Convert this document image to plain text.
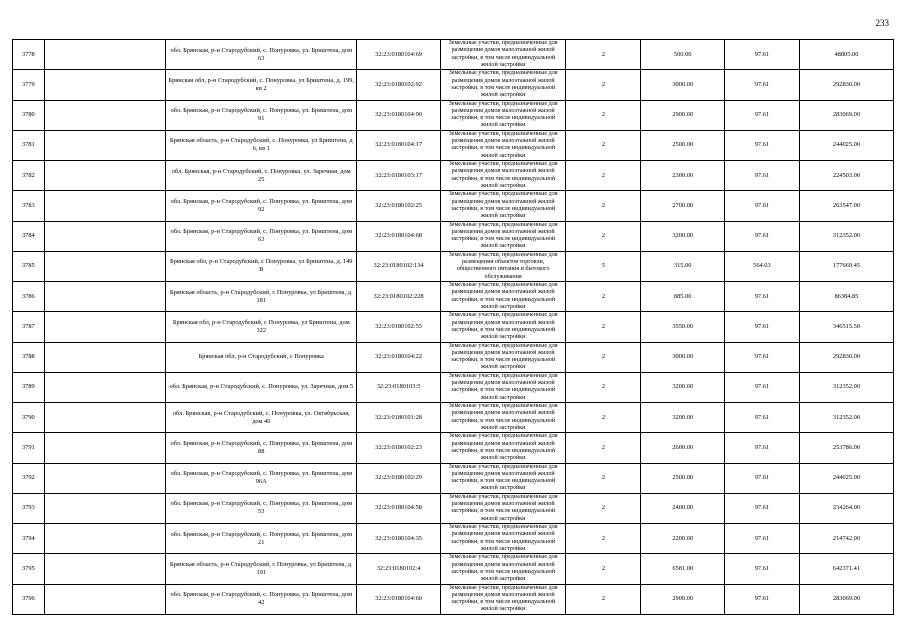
233
3778		обл. Брянская, р-н Стародубский, с. Понуровка, ул. Бриштена, дом 63	32:23:0180104:69	Земельные участки, предназначенные для размещения домов малоэтажной жилой застройки, в том числе индивидуальной жилой застройки	2	500.00	97.61	48805.00
3779		Брянская обл, р-н Стародубский, с. Понуровка, ул Бриштена, д. 199, кв 2	32:23:0180102:92	Земельные участки, предназначенные для размещения домов малоэтажной жилой застройки, в том числе индивидуальной жилой застройки	2	3000.00	97.61	292830.00
3780		обл. Брянская, р-н Стародубский, с. Понуровка, ул. Бриштена, дом 91	32:23:0180104:90	Земельные участки, предназначенные для размещения домов малоэтажной жилой застройки, в том числе индивидуальной жилой застройки	2	2900.00	97.61	283069.00
3781		Брянская область, р-н Стародубский, с. Понуровка, ул Бриштена, д 6, кв 1	32:23:0180104:17	Земельные участки, предназначенные для размещения домов малоэтажной жилой застройки, в том числе индивидуальной жилой застройки	2	2500.00	97.61	244025.00
3782		обл. Брянская, р-н Стародубский, с. Понуровка, ул. Заречная, дом 25	32:23:0180103:17	Земельные участки, предназначенные для размещения домов малоэтажной жилой застройки, в том числе индивидуальной жилой застройки	2	2300.00	97.61	224503.00
3783		обл. Брянская, р-н Стародубский, с. Понуровка, ул. Бриштена, дом 92	32:23:0180102:25	Земельные участки, предназначенные для размещения домов малоэтажной жилой застройки, в том числе индивидуальной жилой застройки	2	2700.00	97.61	263547.00
3784		обл. Брянская, р-н Стародубский, с. Понуровка, ул. Бриштена, дом 63	32:23:0180104:68	Земельные участки, предназначенные для размещения домов малоэтажной жилой застройки, в том числе индивидуальной жилой застройки	2	3200.00	97.61	312352.00
3785		Брянская обл, р-н Стародубский, с Понуровка, ул Бриштена, д. 149 В	32:23:0180102:134	Земельные участки, предназначенные для размещения объектов торговли, общественного питания и бытового обслуживания	5	315.00	564.03	177669.45
3786		Брянская область, р-н Стародубский, с Понуровка, ул Бриштена, д. 181	32:23:0180102:228	Земельные участки, предназначенные для размещения домов малоэтажной жилой застройки, в том числе индивидуальной жилой застройки	2	885.00	97.61	86384.85
3787		Брянская обл, р-н Стародубский, с Понуровка, ул Бриштена, дом 122	32:23:0180102:55	Земельные участки, предназначенные для размещения домов малоэтажной жилой застройки, в том числе индивидуальной жилой застройки	2	3550.00	97.61	346515.50
3788		Брянская обл, р-н Стародубский, с Понуровка	32:23:0180104:22	Земельные участки, предназначенные для размещения домов малоэтажной жилой застройки, в том числе индивидуальной жилой застройки	2	3000.00	97.61	292830.00
3789		обл. Брянская, р-н Стародубский, с. Понуровка, ул. Заречная, дом 5	32:23:0180103:5	Земельные участки, предназначенные для размещения домов малоэтажной жилой застройки, в том числе индивидуальной жилой застройки	2	3200.00	97.61	312352.00
3790		обл. Брянская, р-н Стародубский, с. Понуровка, ул. Октябрьская, дом 40	32:23:0180101:28	Земельные участки, предназначенные для размещения домов малоэтажной жилой застройки, в том числе индивидуальной жилой застройки	2	3200.00	97.61	312352.00
3791		обл. Брянская, р-н Стародубский, с. Понуровка, ул. Бриштена, дом 88	32:23:0180102:23	Земельные участки, предназначенные для размещения домов малоэтажной жилой застройки, в том числе индивидуальной жилой застройки	2	2600.00	97.61	253786.00
3792		обл. Брянская, р-н Стародубский, с. Понуровка, ул. Бриштена, дом 96А	32:23:0180102:29	Земельные участки, предназначенные для размещения домов малоэтажной жилой застройки, в том числе индивидуальной жилой застройки	2	2500.00	97.61	244025.00
3793		обл. Брянская, р-н Стародубский, с. Понуровка, ул. Бриштена, дом 53	32:23:0180104:58	Земельные участки, предназначенные для размещения домов малоэтажной жилой застройки, в том числе индивидуальной жилой застройки	2	2400.00	97.61	234264.00
3794		обл. Брянская, р-н Стародубский, с. Понуровка, ул. Бриштена, дом 21	32:23:0180104:35	Земельные участки, предназначенные для размещения домов малоэтажной жилой застройки, в том числе индивидуальной жилой застройки	2	2200.00	97.61	214742.00
3795		Брянская область, р-н Стародубский, с Понуровка, ул Бриштена, д. 191	32:23:0180102:4	Земельные участки, предназначенные для размещения домов малоэтажной жилой застройки, в том числе индивидуальной жилой застройки	2	6581.00	97.61	642371.41
3796		обл. Брянская, р-н Стародубский, с. Понуровка, ул. Бриштена, дом 42	32:23:0180104:60	Земельные участки, предназначенные для размещения домов малоэтажной жилой застройки, в том числе индивидуальной жилой застройки	2	2900.00	97.61	283069.00
